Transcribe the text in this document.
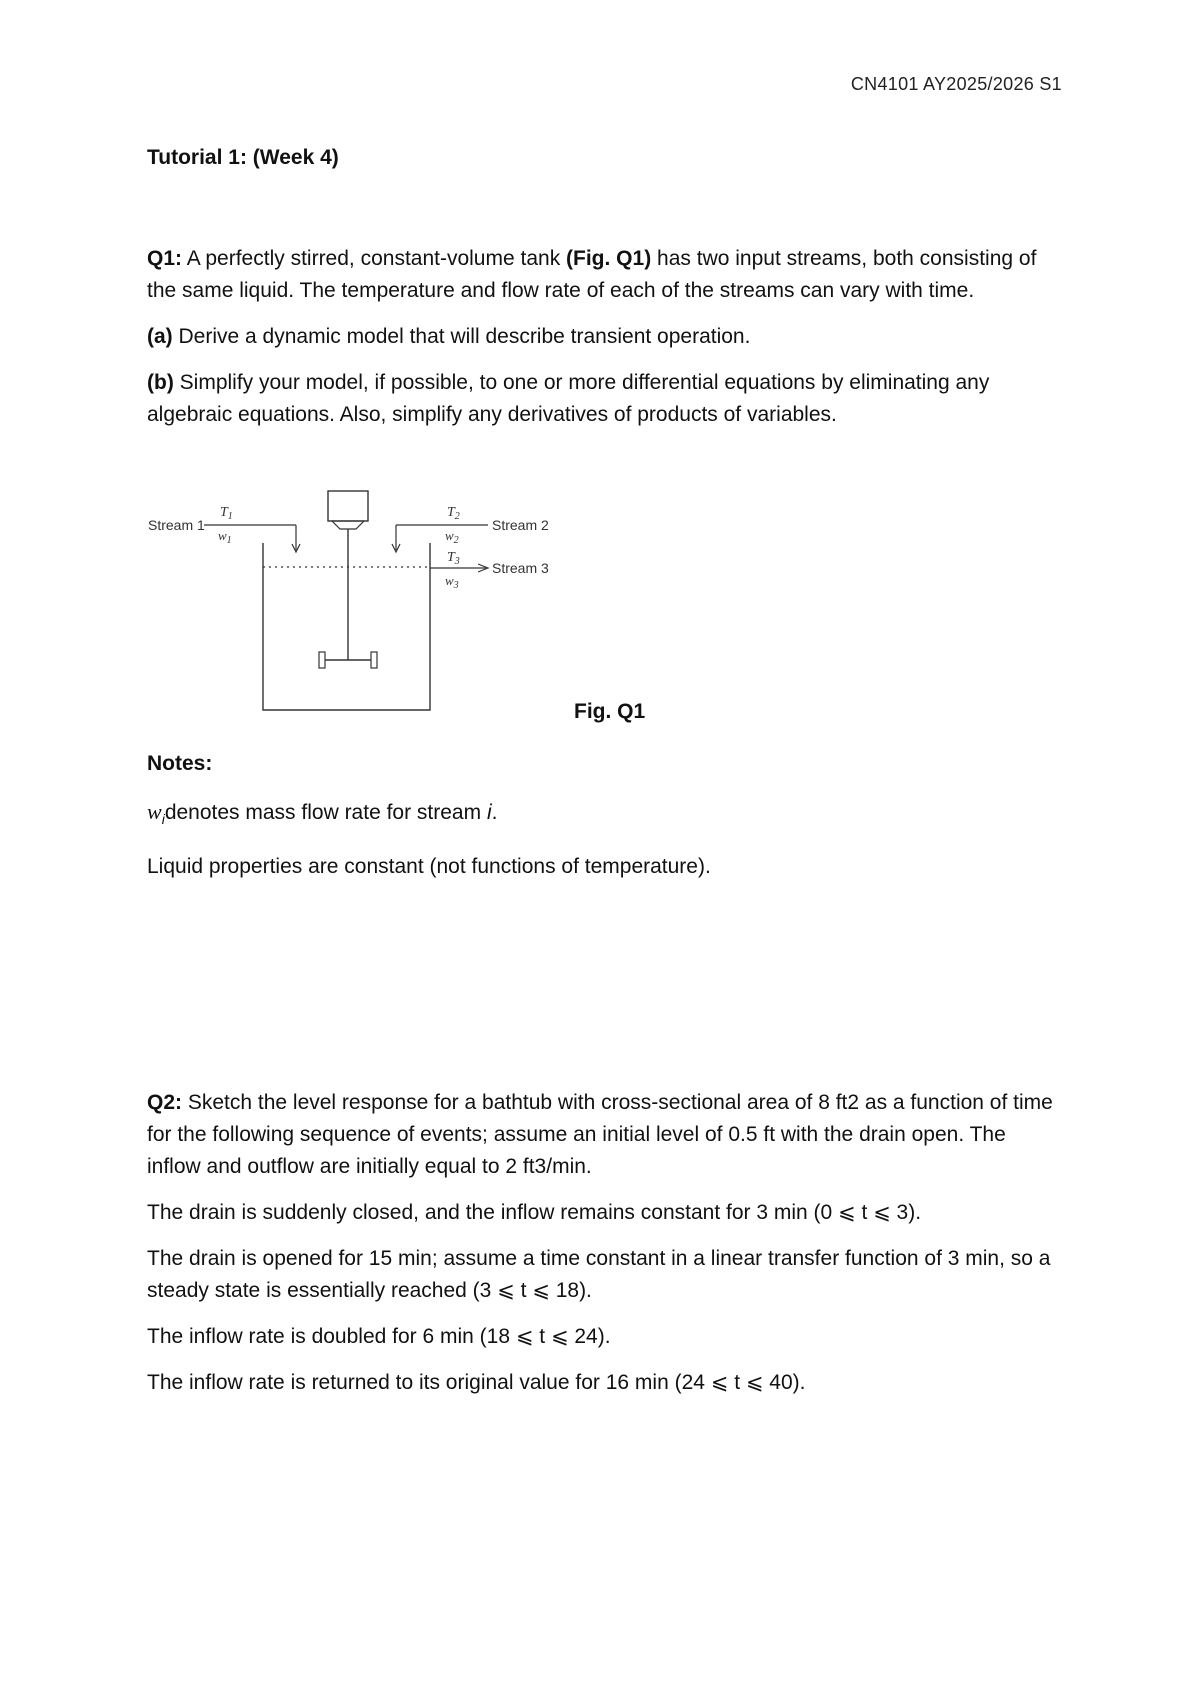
CN4101 AY2025/2026 S1
Tutorial 1: (Week 4)

Q1: A perfectly stirred, constant-volume tank (Fig. Q1) has two input streams, both consisting of the same liquid. The temperature and flow rate of each of the streams can vary with time.

(a) Derive a dynamic model that will describe transient operation.

(b) Simplify your model, if possible, to one or more differential equations by eliminating any algebraic equations. Also, simplify any derivatives of products of variables.

Stream 1
$T_1$
$w_1$
Stream 2
$T_2$
$w_2$
Stream 3
$T_3$
$w_3$
Fig. Q1

Notes:

$w_idenotes$ mass flow rate for stream i.

Liquid properties are constant (not functions of temperature).

Q2: Sketch the level response for a bathtub with cross-sectional area of 8 ft2 as a function of time for the following sequence of events; assume an initial level of 0.5 ft with the drain open. The inflow and outflow are initially equal to 2 ft3/min.

The drain is suddenly closed, and the inflow remains constant for 3 min (0 ⩽ t ⩽ 3).

The drain is opened for 15 min; assume a time constant in a linear transfer function of 3 min, so a steady state is essentially reached (3 ⩽ t ⩽ 18).

The inflow rate is doubled for 6 min (18 ⩽ t ⩽ 24).

The inflow rate is returned to its original value for 16 min (24 ⩽ t ⩽ 40).
